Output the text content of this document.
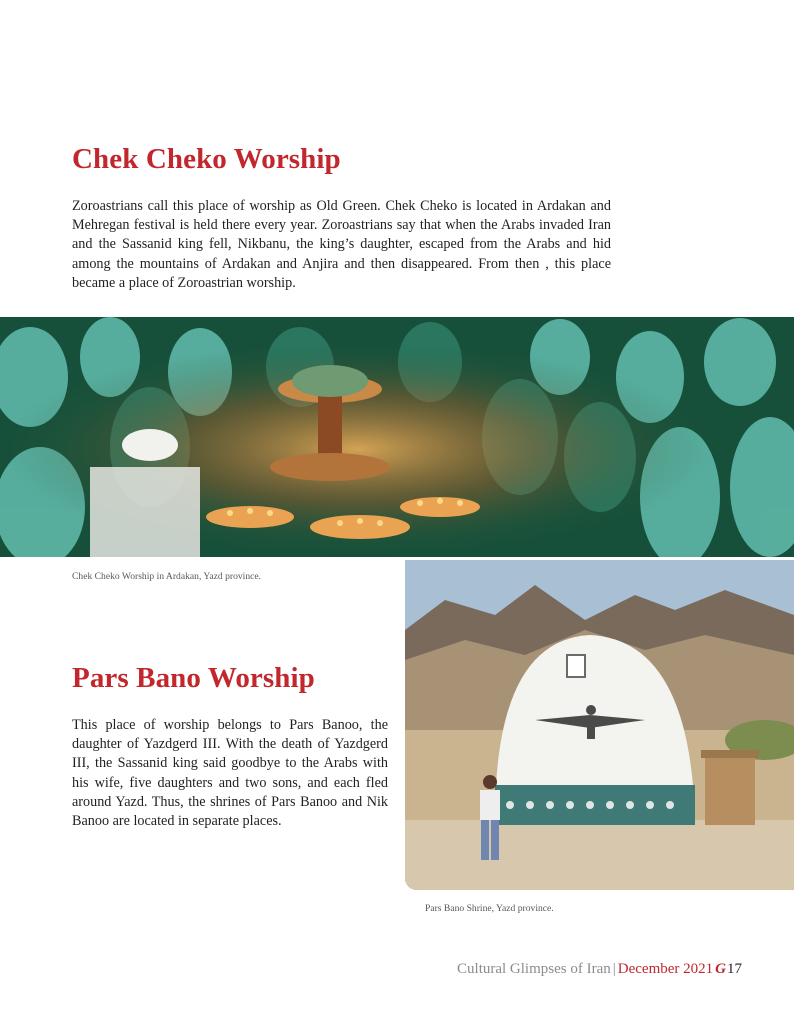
Chek Cheko Worship

Zoroastrians call this place of worship as Old Green. Chek Cheko is located in Ardakan and Mehregan festival is held there every year. Zoroastrians say that when the Arabs invaded Iran and the Sassanid king fell, Nikbanu, the king’s daughter, escaped from the Arabs and hid among the mountains of Ardakan and Anjira and then disappeared. From then , this place became a place of Zoroastrian worship.

Chek Cheko Worship in Ardakan, Yazd province.

Pars Bano Worship

This place of worship belongs to Pars Banoo, the daughter of Yazdgerd III. With the death of Yazdgerd III, the Sassanid king said goodbye to the Arabs with his wife, five daughters and two sons, and each fled around Yazd. Thus, the shrines of Pars Banoo and Nik Banoo are located in separate places.

Pars Bano Shrine, Yazd province.

Cultural Glimpses of Iran | December 2021 G17
